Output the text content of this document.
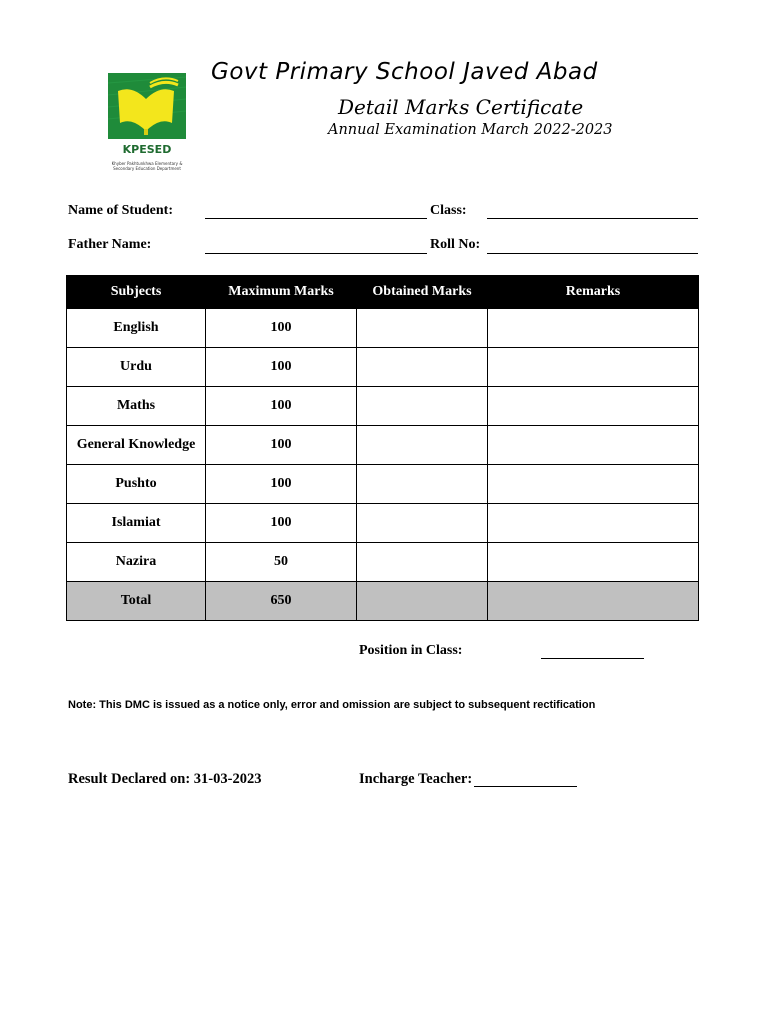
KPESED
Khyber Pakhtunkhwa Elementary &
Secondary Education Department
Govt Primary School Javed Abad
Detail Marks Certificate
Annual Examination March 2022-2023
Name of Student:	Class:
Father Name:	Roll No:
Subjects	Maximum Marks	Obtained Marks	Remarks
English	100		
Urdu	100		
Maths	100		
General Knowledge	100		
Pushto	100		
Islamiat	100		
Nazira	50		
Total	650		
Position in Class:
Note: This DMC is issued as a notice only, error and omission are subject to subsequent rectification
Result Declared on: 31-03-2023	Incharge Teacher:
